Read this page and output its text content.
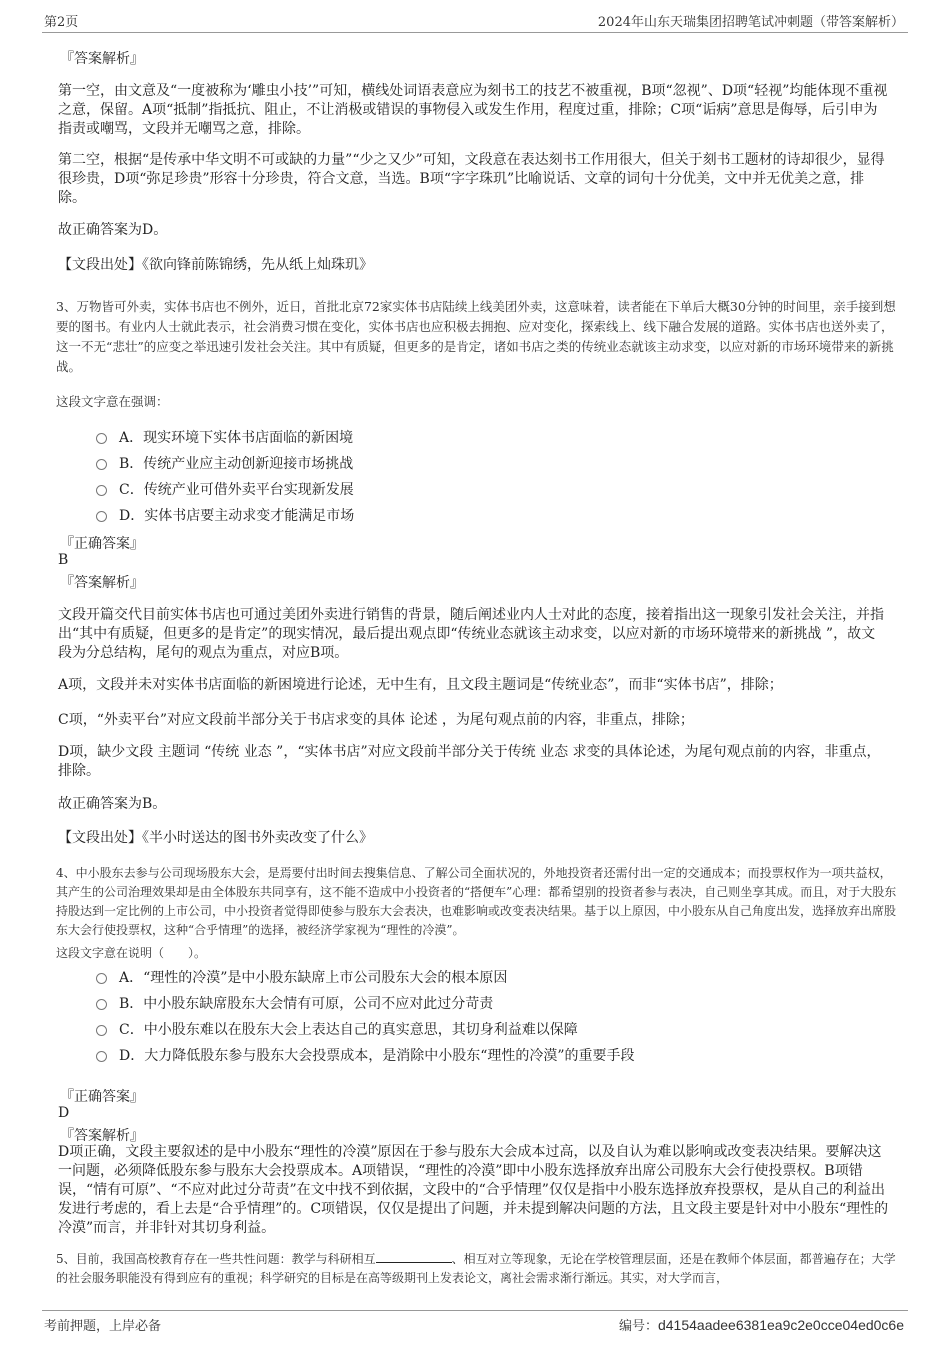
第2页	2024年山东天瑞集团招聘笔试冲刺题（带答案解析）
『答案解析』
第一空，由文意及“一度被称为‘雕虫小技’”可知，横线处词语表意应为刻书工的技艺不被重视，B项“忽视”、D项“轻视”均能体现不重视之意，保留。A项“抵制”指抵抗、阻止，不让消极或错误的事物侵入或发生作用，程度过重，排除；C项“诟病”意思是侮辱，后引申为指责或嘲骂，文段并无嘲骂之意，排除。
第二空，根据“是传承中华文明不可或缺的力量”“少之又少”可知，文段意在表达刻书工作用很大，但关于刻书工题材的诗却很少，显得很珍贵，D项“弥足珍贵”形容十分珍贵，符合文意，当选。B项“字字珠玑”比喻说话、文章的词句十分优美，文中并无优美之意，排除。
故正确答案为D。
【文段出处】《欲向锋前陈锦绣，先从纸上灿珠玑》
3、万物皆可外卖，实体书店也不例外，近日，首批北京72家实体书店陆续上线美团外卖，这意味着，读者能在下单后大概30分钟的时间里，亲手接到想要的图书。有业内人士就此表示，社会消费习惯在变化，实体书店也应积极去拥抱、应对变化，探索线上、线下融合发展的道路。实体书店也送外卖了，这一不无“悲壮”的应变之举迅速引发社会关注。其中有质疑，但更多的是肯定，诸如书店之类的传统业态就该主动求变，以应对新的市场环境带来的新挑战。
这段文字意在强调：
A．现实环境下实体书店面临的新困境
B．传统产业应主动创新迎接市场挑战
C．传统产业可借外卖平台实现新发展
D．实体书店要主动求变才能满足市场
『正确答案』
B
『答案解析』
文段开篇交代目前实体书店也可通过美团外卖进行销售的背景，随后阐述业内人士对此的态度，接着指出这一现象引发社会关注，并指出“其中有质疑，但更多的是肯定”的现实情况，最后提出观点即“传统业态就该主动求变，以应对新的市场环境带来的新挑战 ”，故文段为分总结构，尾句的观点为重点，对应B项。
A项，文段并未对实体书店面临的新困境进行论述，无中生有，且文段主题词是“传统业态”，而非“实体书店”，排除；
C项，“外卖平台”对应文段前半部分关于书店求变的具体 论述 ，为尾句观点前的内容，非重点，排除；
D项，缺少文段 主题词 “传统 业态 ”，“实体书店”对应文段前半部分关于传统 业态 求变的具体论述，为尾句观点前的内容，非重点，排除。
故正确答案为B。
【文段出处】《半小时送达的图书外卖改变了什么》
4、中小股东去参与公司现场股东大会，是焉要付出时间去搜集信息、了解公司全面状况的，外地投资者还需付出一定的交通成本；而投票权作为一项共益权，其产生的公司治理效果却是由全体股东共同享有，这不能不造成中小投资者的“搭便车”心理：都希望别的投资者参与表决，自己则坐享其成。而且，对于大股东持股达到一定比例的上市公司，中小投资者觉得即使参与股东大会表决，也难影响或改变表决结果。基于以上原因，中小股东从自己角度出发，选择放弃出席股东大会行使投票权，这种“合乎情理”的选择，被经济学家视为“理性的冷漠”。
这段文字意在说明（　　）。
A．“理性的冷漠”是中小股东缺席上市公司股东大会的根本原因
B．中小股东缺席股东大会情有可原，公司不应对此过分苛责
C．中小股东难以在股东大会上表达自己的真实意思，其切身利益难以保障
D．大力降低股东参与股东大会投票成本，是消除中小股东“理性的冷漠”的重要手段
『正确答案』
D
『答案解析』
D项正确，文段主要叙述的是中小股东“理性的冷漠”原因在于参与股东大会成本过高，以及自认为难以影响或改变表决结果。要解决这一问题，必须降低股东参与股东大会投票成本。A项错误，“理性的冷漠”即中小股东选择放弃出席公司股东大会行使投票权。B项错误，“情有可原”、“不应对此过分苛责”在文中找不到依据，文段中的“合乎情理”仅仅是指中小股东选择放弃投票权，是从自己的利益出发进行考虑的，看上去是“合乎情理”的。C项错误，仅仅是提出了问题，并未提到解决问题的方法，且文段主要是针对中小股东“理性的冷漠”而言，并非针对其切身利益。
5、目前，我国高校教育存在一些共性问题：教学与科研相互	、相互对立等现象，无论在学校管理层面，还是在教师个体层面，都普遍存在；大学的社会服务职能没有得到应有的重视；科学研究的目标是在高等级期刊上发表论文，离社会需求渐行渐远。其实，对大学而言，
考前押题，上岸必备	编号：d4154aadee6381ea9c2e0cce04ed0c6e
